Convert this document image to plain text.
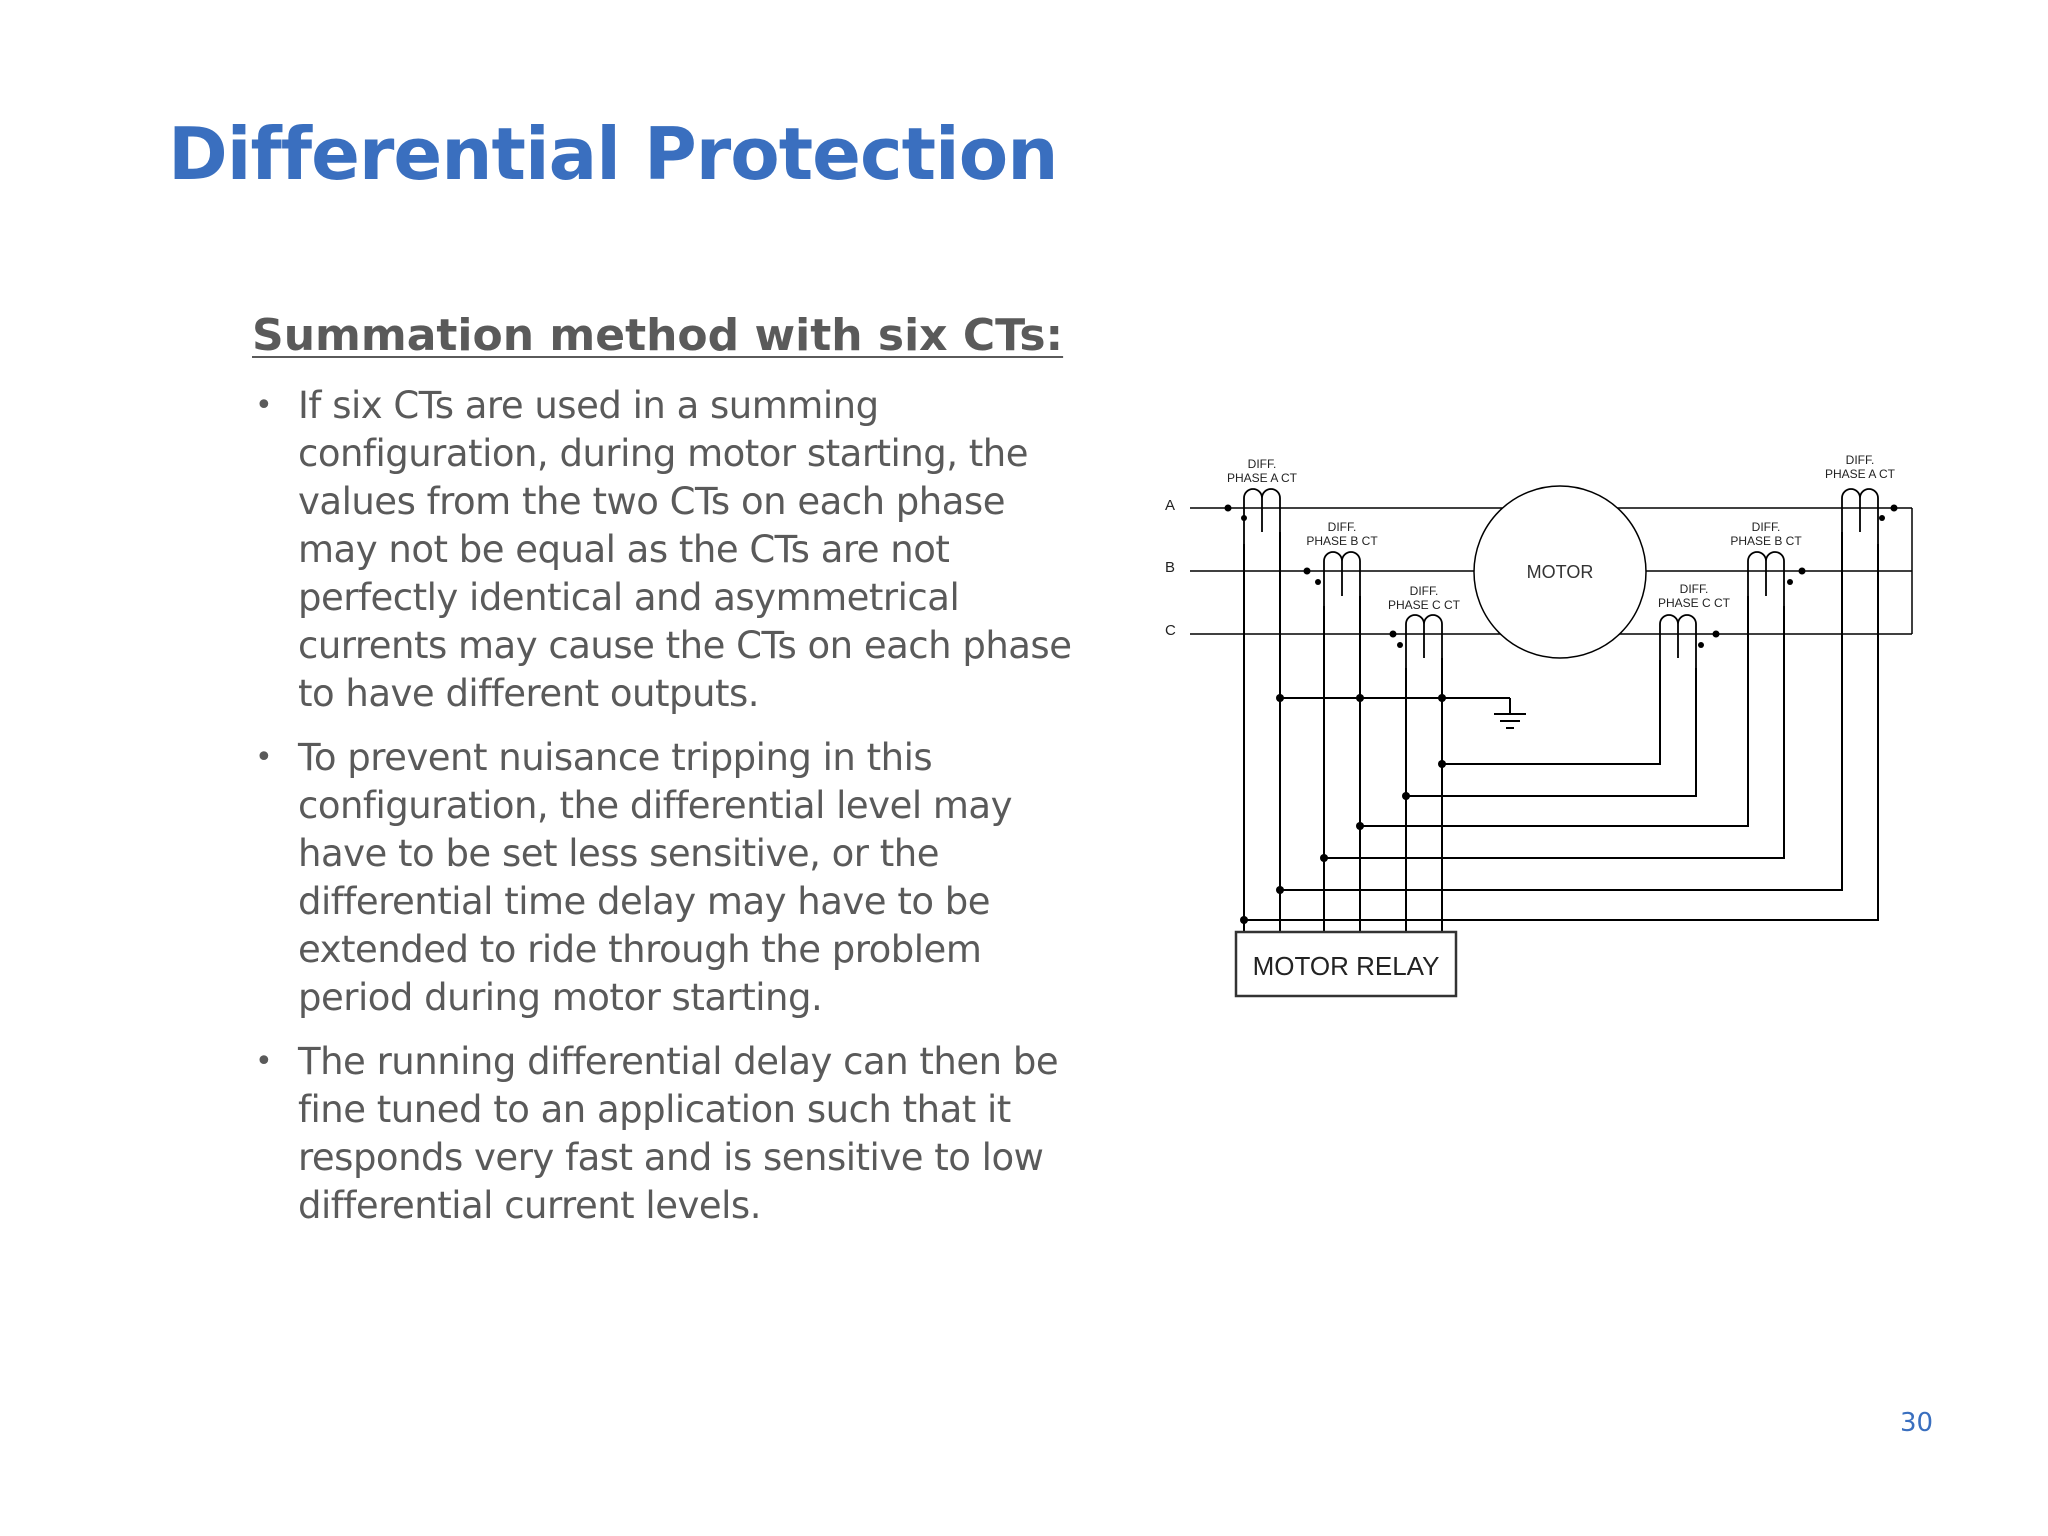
Differential Protection
Summation method with six CTs:
• If six CTs are used in a summing configuration, during motor starting, the values from the two CTs on each phase may not be equal as the CTs are not perfectly identical and asymmetrical currents may cause the CTs on each phase to have different outputs.
• To prevent nuisance tripping in this configuration, the differential level may have to be set less sensitive, or the differential time delay may have to be extended to ride through the problem period during motor starting.
• The running differential delay can then be fine tuned to an application such that it responds very fast and is sensitive to low differential current levels.
A
B
C
MOTOR
DIFF.
PHASE A CT
DIFF.
PHASE B CT
DIFF.
PHASE C CT
DIFF.
PHASE C CT
DIFF.
PHASE B CT
DIFF.
PHASE A CT
MOTOR RELAY
30
